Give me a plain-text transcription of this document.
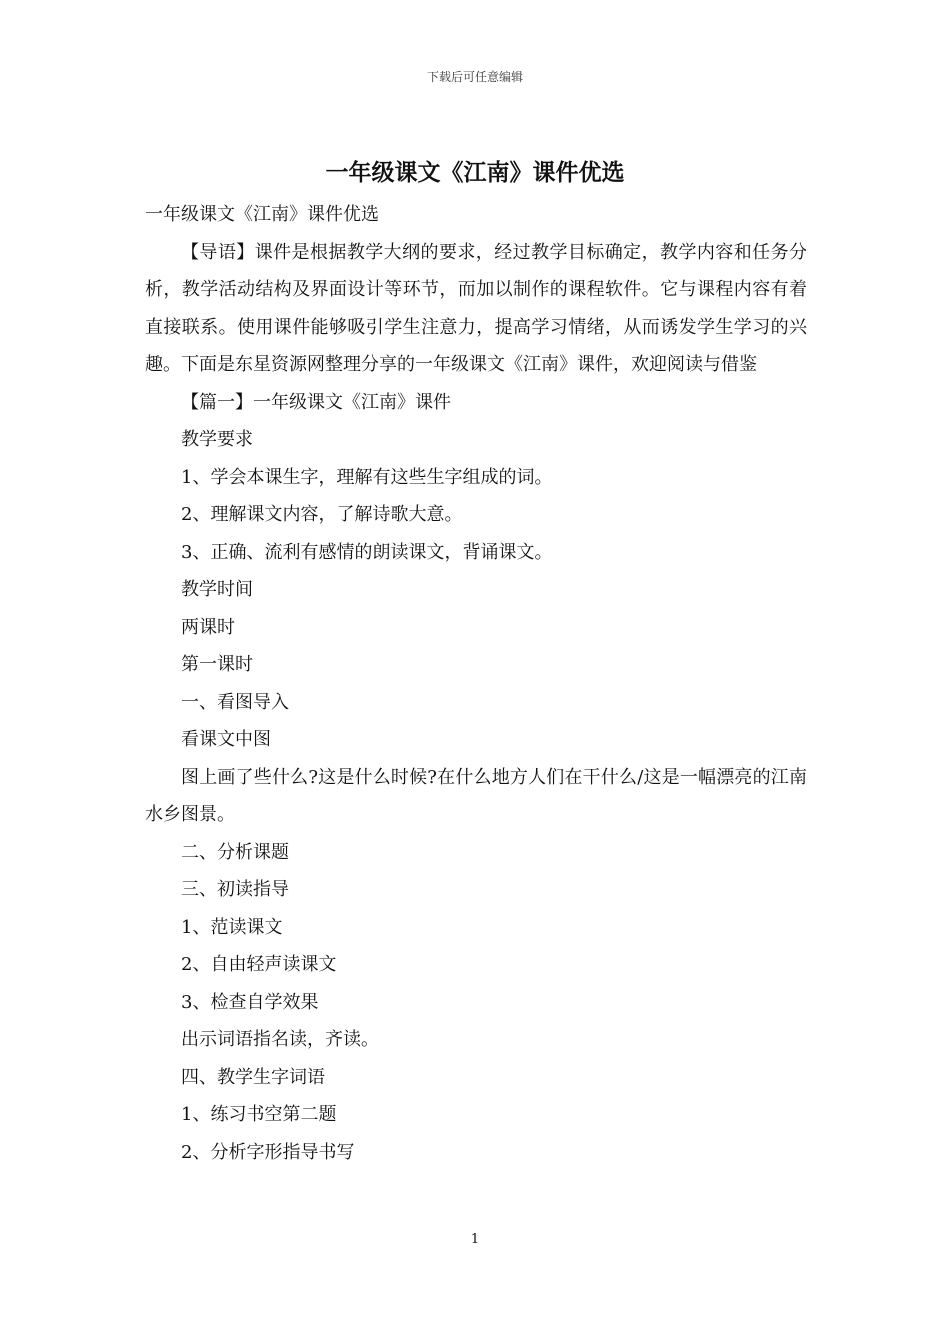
下载后可任意编辑
一年级课文《江南》课件优选

一年级课文《江南》课件优选

【导语】课件是根据教学大纲的要求，经过教学目标确定，教学内容和任务分析，教学活动结构及界面设计等环节，而加以制作的课程软件。它与课程内容有着直接联系。使用课件能够吸引学生注意力，提高学习情绪，从而诱发学生学习的兴趣。下面是东星资源网整理分享的一年级课文《江南》课件，欢迎阅读与借鉴

【篇一】一年级课文《江南》课件

教学要求

1、学会本课生字，理解有这些生字组成的词。

2、理解课文内容，了解诗歌大意。

3、正确、流利有感情的朗读课文，背诵课文。

教学时间

两课时

第一课时

一、看图导入

看课文中图

图上画了些什么?这是什么时候?在什么地方人们在干什么/这是一幅漂亮的江南水乡图景。

二、分析课题

三、初读指导

1、范读课文

2、自由轻声读课文

3、检查自学效果

出示词语指名读，齐读。

四、教学生字词语

1、练习书空第二题

2、分析字形指导书写

1
